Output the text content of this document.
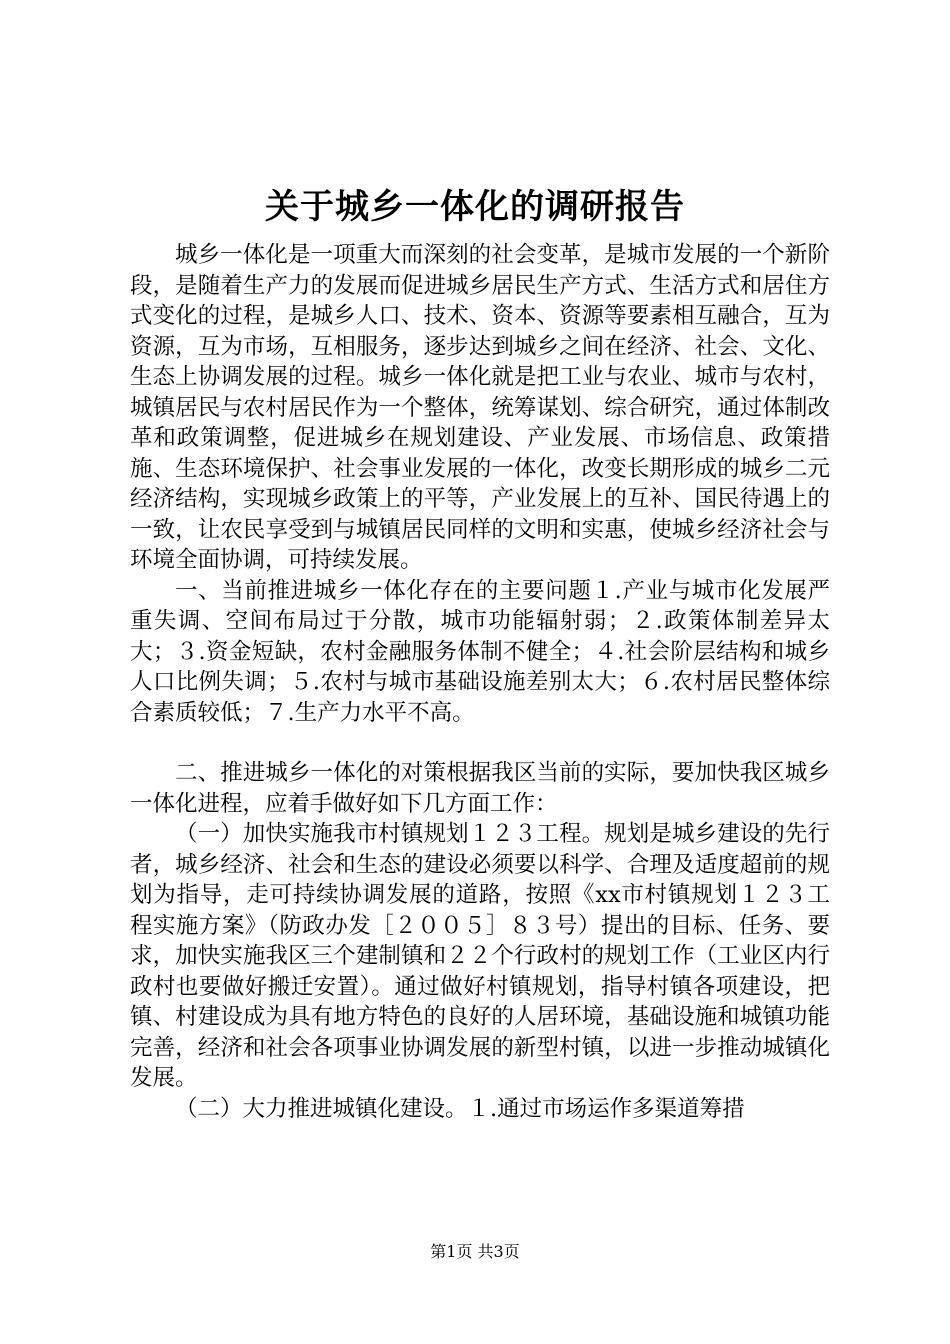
关于城乡一体化的调研报告

城乡一体化是一项重大而深刻的社会变革，是城市发展的一个新阶段，是随着生产力的发展而促进城乡居民生产方式、生活方式和居住方式变化的过程，是城乡人口、技术、资本、资源等要素相互融合，互为资源，互为市场，互相服务，逐步达到城乡之间在经济、社会、文化、生态上协调发展的过程。城乡一体化就是把工业与农业、城市与农村，城镇居民与农村居民作为一个整体，统筹谋划、综合研究，通过体制改革和政策调整，促进城乡在规划建设、产业发展、市场信息、政策措施、生态环境保护、社会事业发展的一体化，改变长期形成的城乡二元经济结构，实现城乡政策上的平等，产业发展上的互补、国民待遇上的一致，让农民享受到与城镇居民同样的文明和实惠，使城乡经济社会与环境全面协调，可持续发展。

一、当前推进城乡一体化存在的主要问题１.产业与城市化发展严重失调、空间布局过于分散，城市功能辐射弱；２.政策体制差异太大；３.资金短缺，农村金融服务体制不健全；４.社会阶层结构和城乡人口比例失调；５.农村与城市基础设施差别太大；６.农村居民整体综合素质较低；７.生产力水平不高。

二、推进城乡一体化的对策根据我区当前的实际，要加快我区城乡一体化进程，应着手做好如下几方面工作：

（一）加快实施我市村镇规划１２３工程。规划是城乡建设的先行者，城乡经济、社会和生态的建设必须要以科学、合理及适度超前的规划为指导，走可持续协调发展的道路，按照《xx市村镇规划１２３工程实施方案》（防政办发［２００５］８３号）提出的目标、任务、要求，加快实施我区三个建制镇和２２个行政村的规划工作（工业区内行政村也要做好搬迁安置）。通过做好村镇规划，指导村镇各项建设，把镇、村建设成为具有地方特色的良好的人居环境，基础设施和城镇功能完善，经济和社会各项事业协调发展的新型村镇，以进一步推动城镇化发展。

（二）大力推进城镇化建设。１.通过市场运作多渠道筹措

第1页 共3页
